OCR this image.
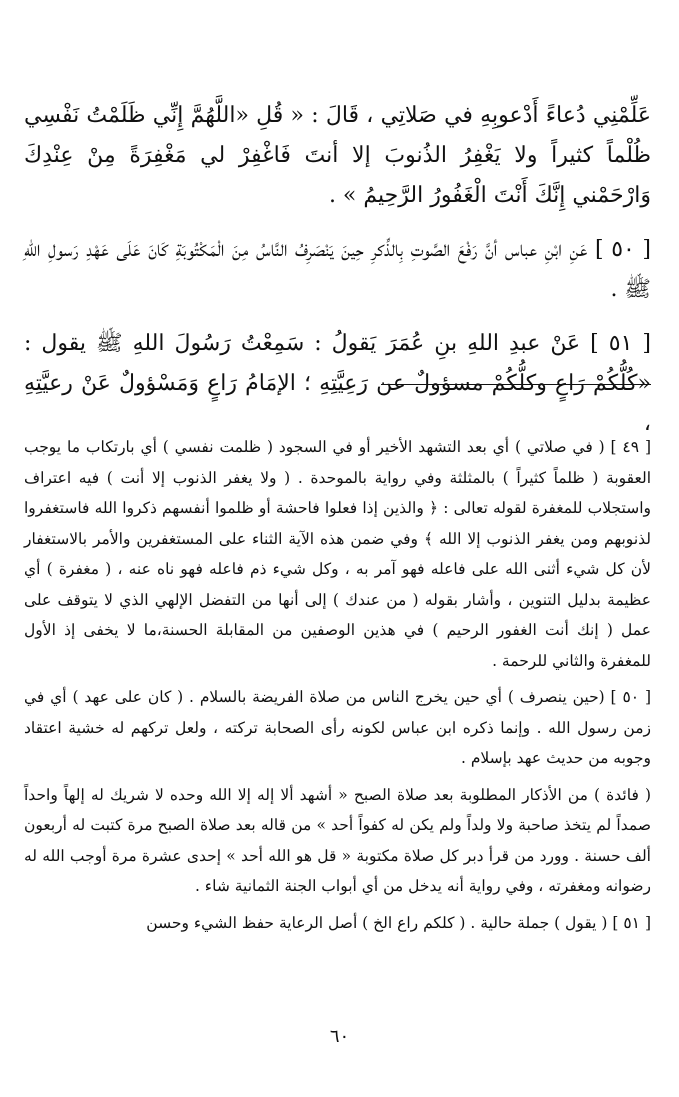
عَلِّمْنِي دُعاءً أَدْعوبِهِ في صَلاتِي ، قَالَ : « قُلِ «اللَّهُمَّ إِنِّي ظَلَمْتُ نَفْسِي ظُلْماً كثيراً ولا يَغْفِرُ الذُنوبَ إلا أنتَ فَاغْفِرْ لي مَغْفِرَةً مِنْ عِنْدِكَ وَارْحَمْني إِنَّكَ أَنْتَ الْغَفُورُ الرَّحِيمُ » .

[ ٥٠ ] عَنِ ابْنِ عباس أنَّ رَفْعَ الصَّوتِ بِالذِّكرِ حِينَ يَنْصَرِفُ النَّاسُ مِنَ الْمَكْتُوبَةِ كَانَ عَلَى عَهْدِ رَسولِ اللهِ ﷺ .

[ ٥١ ] عَنْ عبدِ اللهِ بنِ عُمَرَ يَقولُ : سَمِعْتُ رَسُولَ اللهِ ﷺ يقول : «كُلُّكُمْ رَاعٍ وكلُّكُمْ مسؤولٌ عن رَعِيَّتِهِ ؛ الإمَامُ رَاعٍ وَمَسْؤولٌ عَنْ رعيَّتِهِ ،

[ ٤٩ ] ( في صلاتي ) أي بعد التشهد الأخير أو في السجود ( ظلمت نفسي ) أي بارتكاب ما يوجب العقوبة ( ظلماً كثيراً ) بالمثلثة وفي رواية بالموحدة . ( ولا يغفر الذنوب إلا أنت ) فيه اعتراف واستجلاب للمغفرة لقوله تعالى : ﴿ والذين إذا فعلوا فاحشة أو ظلموا أنفسهم ذكروا الله فاستغفروا لذنوبهم ومن يغفر الذنوب إلا الله ﴾ وفي ضمن هذه الآية الثناء على المستغفرين والأمر بالاستغفار لأن كل شيء أثنى الله على فاعله فهو آمر به ، وكل شيء ذم فاعله فهو ناه عنه ، ( مغفرة ) أي عظيمة بدليل التنوين ، وأشار بقوله ( من عندك ) إلى أنها من التفضل الإلهي الذي لا يتوقف على عمل ( إنك أنت الغفور الرحيم ) في هذين الوصفين من المقابلة الحسنة،ما لا يخفى إذ الأول للمغفرة والثاني للرحمة .

[ ٥٠ ] (حين ينصرف ) أي حين يخرج الناس من صلاة الفريضة بالسلام . ( كان على عهد ) أي في زمن رسول الله . وإنما ذكره ابن عباس لكونه رأى الصحابة تركته ، ولعل تركهم له خشية اعتقاد وجوبه من حديث عهد بإسلام .

( فائدة ) من الأذكار المطلوبة بعد صلاة الصبح « أشهد ألا إله إلا الله وحده لا شريك له إلهاً واحداً صمداً لم يتخذ صاحبة ولا ولداً ولم يكن له كفواً أحد » من قاله بعد صلاة الصبح مرة كتبت له أربعون ألف حسنة . وورد من قرأ دبر كل صلاة مكتوبة « قل هو الله أحد » إحدى عشرة مرة أوجب الله له رضوانه ومغفرته ، وفي رواية أنه يدخل من أي أبواب الجنة الثمانية شاء .

[ ٥١ ] ( يقول ) جملة حالية . ( كلكم راع الخ ) أصل الرعاية حفظ الشيء وحسن

٦٠
